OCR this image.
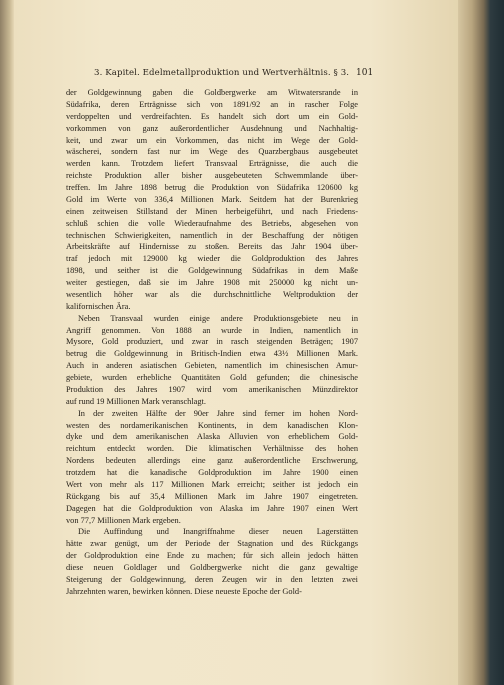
3. Kapitel. Edelmetallproduktion und Wertverhältnis. § 3. 101
der Goldgewinnung gaben die Goldbergwerke am Witwatersrande in
Südafrika, deren Erträgnisse sich von 1891/92 an in rascher Folge
verdoppelten und verdreifachten. Es handelt sich dort um ein Gold-
vorkommen von ganz außerordentlicher Ausdehnung und Nachhaltig-
keit, und zwar um ein Vorkommen, das nicht im Wege der Gold-
wäscherei, sondern fast nur im Wege des Quarzbergbaus ausgebeutet
werden kann. Trotzdem liefert Transvaal Erträgnisse, die auch die
reichste Produktion aller bisher ausgebeuteten Schwemmlande über-
treffen. Im Jahre 1898 betrug die Produktion von Südafrika 120600 kg
Gold im Werte von 336,4 Millionen Mark. Seitdem hat der Burenkrieg
einen zeitweisen Stillstand der Minen herbeigeführt, und nach Friedens-
schluß schien die volle Wiederaufnahme des Betriebs, abgesehen von
technischen Schwierigkeiten, namentlich in der Beschaffung der nötigen
Arbeitskräfte auf Hindernisse zu stoßen. Bereits das Jahr 1904 über-
traf jedoch mit 129000 kg wieder die Goldproduktion des Jahres
1898, und seither ist die Goldgewinnung Südafrikas in dem Maße
weiter gestiegen, daß sie im Jahre 1908 mit 250000 kg nicht un-
wesentlich höher war als die durchschnittliche Weltproduktion der
kalifornischen Ära.
Neben Transvaal wurden einige andere Produktionsgebiete neu in
Angriff genommen. Von 1888 an wurde in Indien, namentlich in
Mysore, Gold produziert, und zwar in rasch steigenden Beträgen; 1907
betrug die Goldgewinnung in Britisch-Indien etwa 43½ Millionen Mark.
Auch in anderen asiatischen Gebieten, namentlich im chinesischen Amur-
gebiete, wurden erhebliche Quantitäten Gold gefunden; die chinesische
Produktion des Jahres 1907 wird vom amerikanischen Münzdirektor
auf rund 19 Millionen Mark veranschlagt.
In der zweiten Hälfte der 90er Jahre sind ferner im hohen Nord-
westen des nordamerikanischen Kontinents, in dem kanadischen Klon-
dyke und dem amerikanischen Alaska Alluvien von erheblichem Gold-
reichtum entdeckt worden. Die klimatischen Verhältnisse des hohen
Nordens bedeuten allerdings eine ganz außerordentliche Erschwerung,
trotzdem hat die kanadische Goldproduktion im Jahre 1900 einen
Wert von mehr als 117 Millionen Mark erreicht; seither ist jedoch ein
Rückgang bis auf 35,4 Millionen Mark im Jahre 1907 eingetreten.
Dagegen hat die Goldproduktion von Alaska im Jahre 1907 einen Wert
von 77,7 Millionen Mark ergeben.
Die Auffindung und Inangriffnahme dieser neuen Lagerstätten
hätte zwar genügt, um der Periode der Stagnation und des Rückgangs
der Goldproduktion eine Ende zu machen; für sich allein jedoch hätten
diese neuen Goldlager und Goldbergwerke nicht die ganz gewaltige
Steigerung der Goldgewinnung, deren Zeugen wir in den letzten zwei
Jahrzehnten waren, bewirken können. Diese neueste Epoche der Gold-
